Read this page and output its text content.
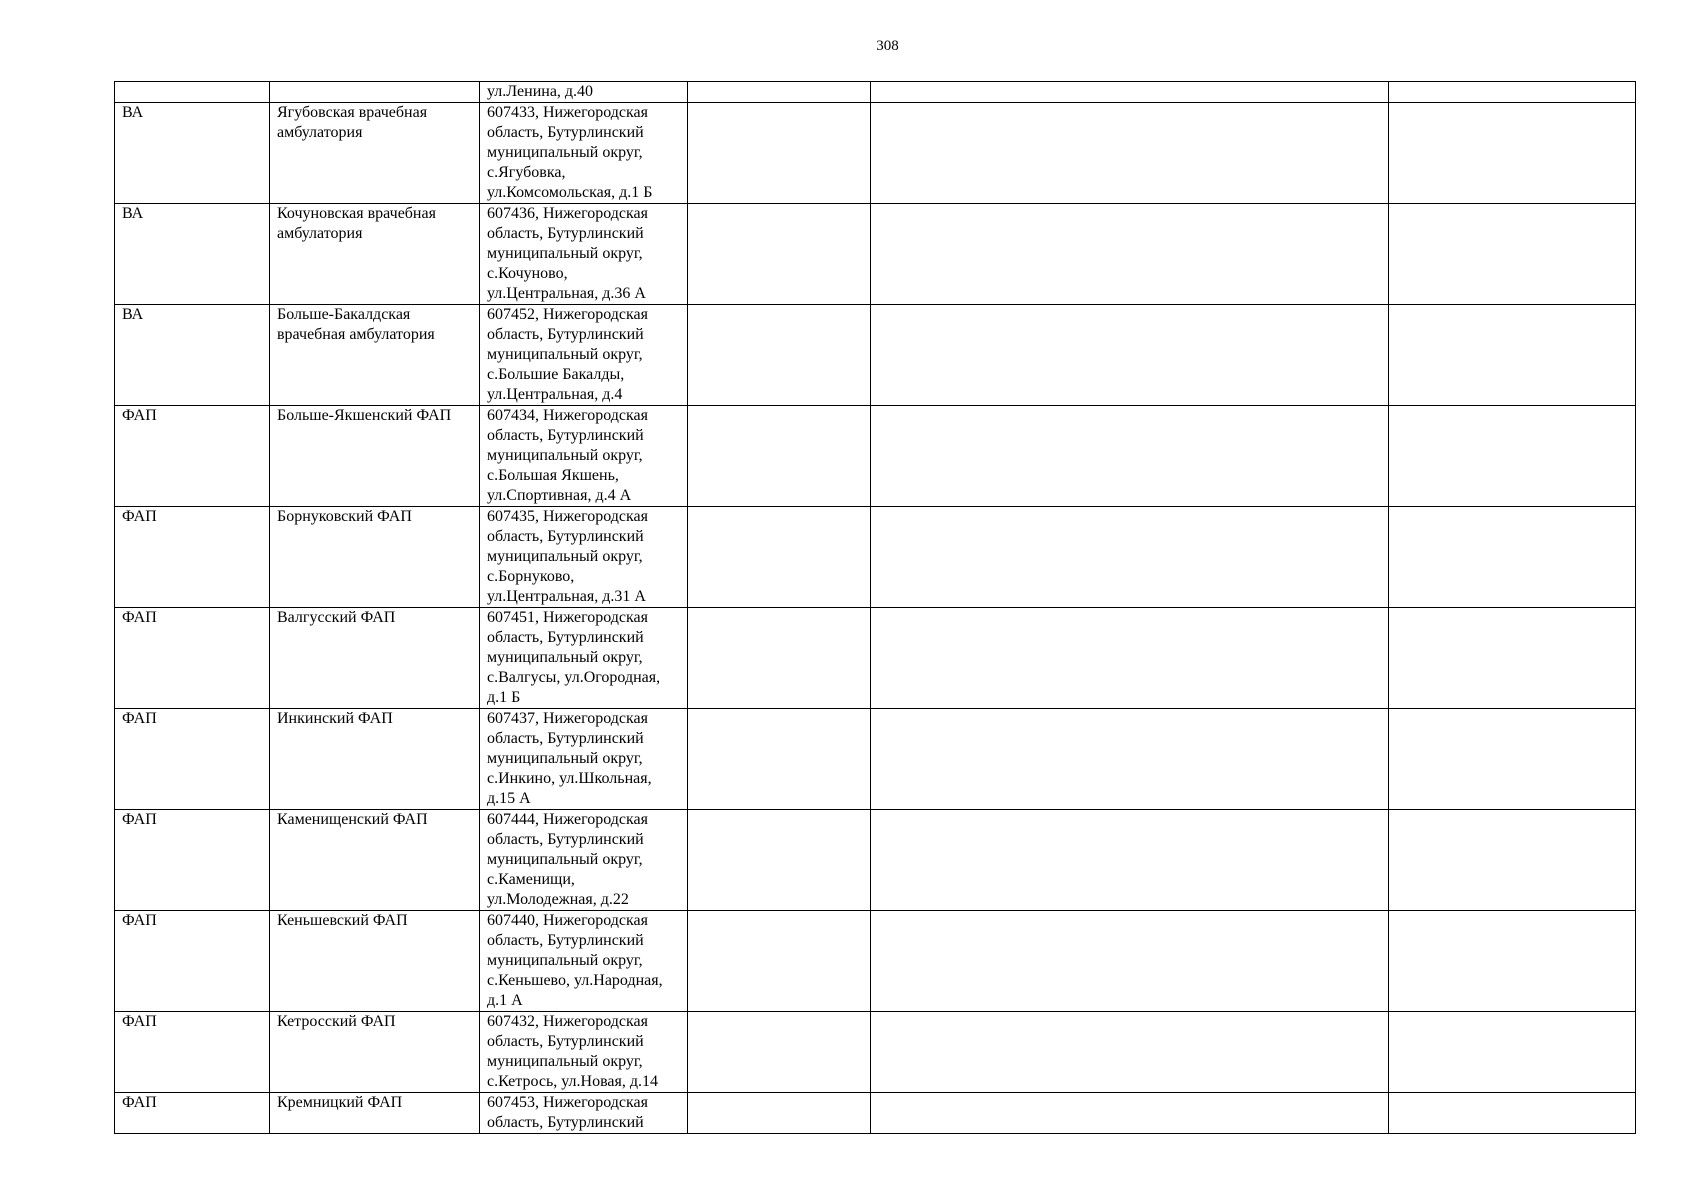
308
		ул.Ленина, д.40			
ВА	Ягубовская врачебная амбулатория	607433, Нижегородская
область, Бутурлинский
муниципальный округ,
с.Ягубовка,
ул.Комсомольская, д.1 Б			
ВА	Кочуновская врачебная амбулатория	607436, Нижегородская
область, Бутурлинский
муниципальный округ,
с.Кочуново,
ул.Центральная, д.36 А			
ВА	Больше-Бакалдская врачебная амбулатория	607452, Нижегородская
область, Бутурлинский
муниципальный округ,
с.Большие Бакалды,
ул.Центральная, д.4			
ФАП	Больше-Якшенский ФАП	607434, Нижегородская
область, Бутурлинский
муниципальный округ,
с.Большая Якшень,
ул.Спортивная, д.4 А			
ФАП	Борнуковский ФАП	607435, Нижегородская
область, Бутурлинский
муниципальный округ,
с.Борнуково,
ул.Центральная, д.31 А			
ФАП	Валгусский ФАП	607451, Нижегородская
область, Бутурлинский
муниципальный округ,
с.Валгусы, ул.Огородная,
д.1 Б			
ФАП	Инкинский ФАП	607437, Нижегородская
область, Бутурлинский
муниципальный округ,
с.Инкино, ул.Школьная,
д.15 А			
ФАП	Каменищенский ФАП	607444, Нижегородская
область, Бутурлинский
муниципальный округ,
с.Каменищи,
ул.Молодежная, д.22			
ФАП	Кеньшевский ФАП	607440, Нижегородская
область, Бутурлинский
муниципальный округ,
с.Кеньшево, ул.Народная,
д.1 А			
ФАП	Кетросский ФАП	607432, Нижегородская
область, Бутурлинский
муниципальный округ,
с.Кетрось, ул.Новая, д.14			
ФАП	Кремницкий ФАП	607453, Нижегородская
область, Бутурлинский			
